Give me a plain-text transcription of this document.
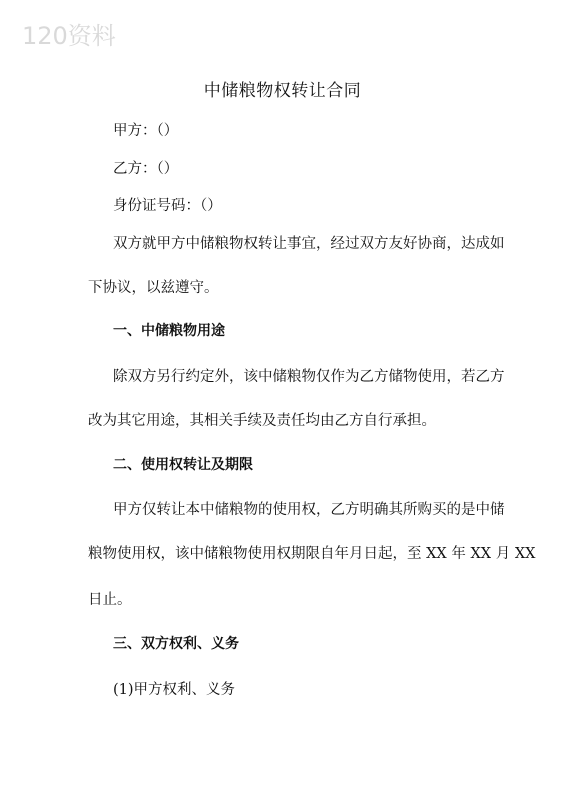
120资料
中储粮物权转让合同
甲方：（）
乙方：（）
身份证号码：（）
双方就甲方中储粮物权转让事宜，经过双方友好协商，达成如
下协议，以兹遵守。
一、中储粮物用途
除双方另行约定外，该中储粮物仅作为乙方储物使用，若乙方
改为其它用途，其相关手续及责任均由乙方自行承担。
二、使用权转让及期限
甲方仅转让本中储粮物的使用权，乙方明确其所购买的是中储
粮物使用权，该中储粮物使用权期限自年月日起，至 XX 年 XX 月 XX
日止。
三、双方权利、义务
(1)甲方权利、义务
